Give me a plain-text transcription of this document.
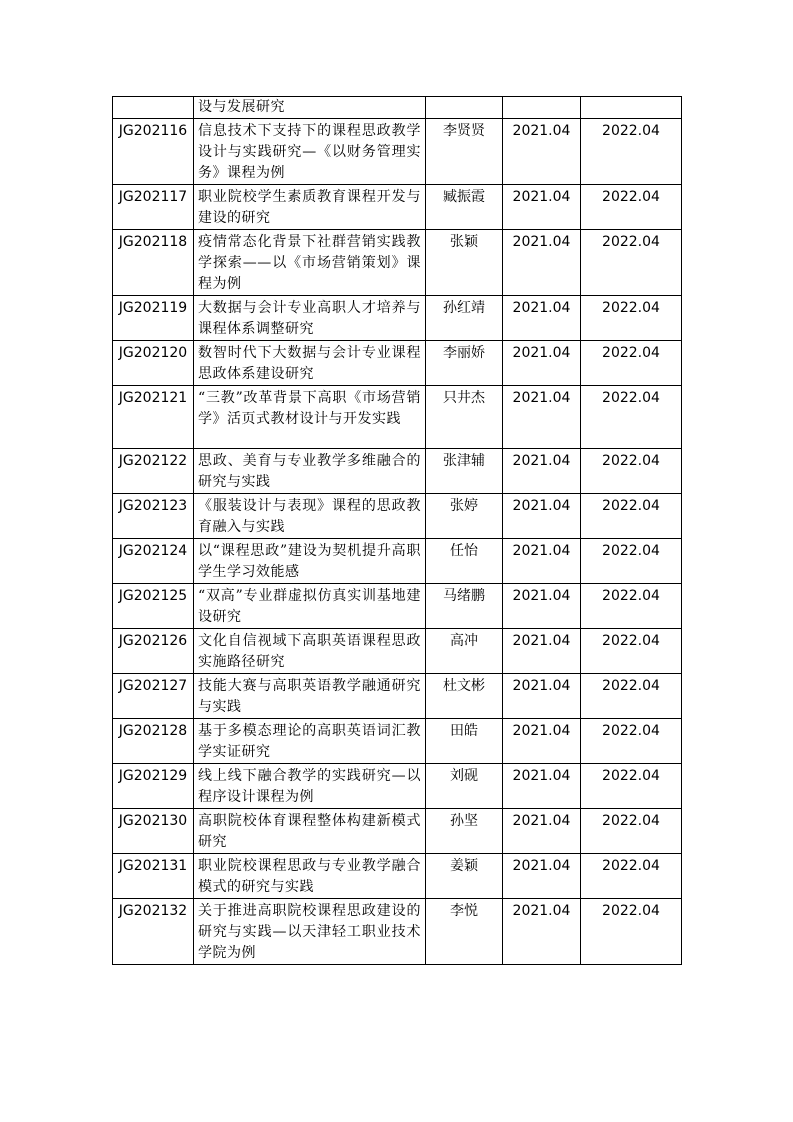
	设与发展研究			
JG202116	信息技术下支持下的课程思政教学设计与实践研究—《以财务管理实务》课程为例	李贤贤	2021.04	2022.04
JG202117	职业院校学生素质教育课程开发与建设的研究	臧振霞	2021.04	2022.04
JG202118	疫情常态化背景下社群营销实践教学探索——以《市场营销策划》课程为例	张颖	2021.04	2022.04
JG202119	大数据与会计专业高职人才培养与课程体系调整研究	孙红靖	2021.04	2022.04
JG202120	数智时代下大数据与会计专业课程思政体系建设研究	李丽娇	2021.04	2022.04
JG202121	“三教”改革背景下高职《市场营销学》活页式教材设计与开发实践	只井杰	2021.04	2022.04
JG202122	思政、美育与专业教学多维融合的研究与实践	张津辅	2021.04	2022.04
JG202123	《服装设计与表现》课程的思政教育融入与实践	张婷	2021.04	2022.04
JG202124	以“课程思政”建设为契机提升高职学生学习效能感	任怡	2021.04	2022.04
JG202125	“双高”专业群虚拟仿真实训基地建设研究	马绪鹏	2021.04	2022.04
JG202126	文化自信视域下高职英语课程思政实施路径研究	高冲	2021.04	2022.04
JG202127	技能大赛与高职英语教学融通研究与实践	杜文彬	2021.04	2022.04
JG202128	基于多模态理论的高职英语词汇教学实证研究	田皓	2021.04	2022.04
JG202129	线上线下融合教学的实践研究—以程序设计课程为例	刘砚	2021.04	2022.04
JG202130	高职院校体育课程整体构建新模式研究	孙坚	2021.04	2022.04
JG202131	职业院校课程思政与专业教学融合模式的研究与实践	姜颖	2021.04	2022.04
JG202132	关于推进高职院校课程思政建设的研究与实践—以天津轻工职业技术学院为例	李悦	2021.04	2022.04
